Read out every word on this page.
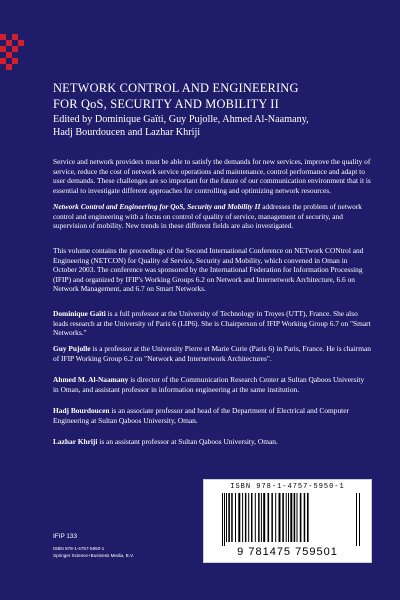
NETWORK CONTROL AND ENGINEERING
FOR QoS, SECURITY AND MOBILITY II

Edited by Dominique Gaïti, Guy Pujolle, Ahmed Al-Naamany,
Hadj Bourdoucen and Lazhar Khriji

Service and network providers must be able to satisfy the demands for new services, improve the quality of service, reduce the cost of network service operations and maintenance, control performance and adapt to user demands. These challenges are so important for the future of our communication environment that it is essential to investigate different approaches for controlling and optimizing network resources.

Network Control and Engineering for QoS, Security and Mobility II addresses the problem of network control and engineering with a focus on control of quality of service, management of security, and supervision of mobility. New trends in these different fields are also investigated.

This volume contains the proceedings of the Second International Conference on NETwork CONtrol and Engineering (NETCON) for Quality of Service, Security and Mobility, which convened in Oman in October 2003. The conference was sponsored by the International Federation for Information Processing (IFIP) and organized by IFIP's Working Groups 6.2 on Network and Internetwork Architecture, 6.6 on Network Management, and 6.7 on Smart Networks.

Dominique Gaïti is a full professor at the University of Technology in Troyes (UTT), France. She also leads research at the University of Paris 6 (LIP6). She is Chairperson of IFIP Working Group 6.7 on "Smart Networks."

Guy Pujolle is a professor at the University Pierre et Marie Curie (Paris 6) in Paris, France. He is chairman of IFIP Working Group 6.2 on "Network and Internetwork Architectures".

Ahmed M. Al-Naamany is director of the Communication Research Center at Sultan Qaboos University in Oman, and assistant professor in information engineering at the same institution.

Hadj Bourdoucen is an associate professor and head of the Department of Electrical and Computer Engineering at Sultan Qaboos University, Oman.

Lazhar Khriji is an assistant professor at Sultan Qaboos University, Oman.

ISBN 978-1-4757-5950-1
9 781475 759501

IFIP 133

ISBN 978-1-4757-5950-1

Springer Science+Business Media, B.V.
